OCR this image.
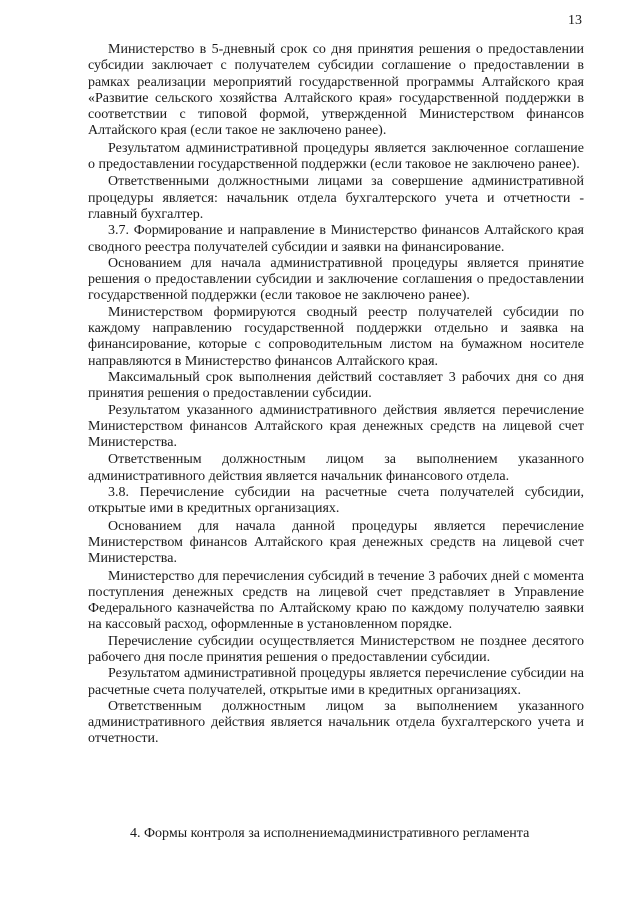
13

Министерство в 5-дневный срок со дня принятия решения о предоставлении субсидии заключает с получателем субсидии соглашение о предоставлении в рамках реализации мероприятий государственной программы Алтайского края «Развитие сельского хозяйства Алтайского края» государственной поддержки в соответствии с типовой формой, утвержденной Министерством финансов Алтайского края (если такое не заключено ранее).

Результатом административной процедуры является заключенное соглашение о предоставлении государственной поддержки (если таковое не заключено ранее).

Ответственными должностными лицами за совершение административной процедуры является: начальник отдела бухгалтерского учета и отчетности - главный бухгалтер.

3.7. Формирование и направление в Министерство финансов Алтайского края сводного реестра получателей субсидии и заявки на финансирование.

Основанием для начала административной процедуры является принятие решения о предоставлении субсидии и заключение соглашения о предоставлении государственной поддержки (если таковое не заключено ранее).

Министерством формируются сводный реестр получателей субсидии по каждому направлению государственной поддержки отдельно и заявка на финансирование, которые с сопроводительным листом на бумажном носителе направляются в Министерство финансов Алтайского края.

Максимальный срок выполнения действий составляет 3 рабочих дня со дня принятия решения о предоставлении субсидии.

Результатом указанного административного действия является перечисление Министерством финансов Алтайского края денежных средств на лицевой счет Министерства.

Ответственным должностным лицом за выполнением указанного административного действия является начальник финансового отдела.

3.8. Перечисление субсидии на расчетные счета получателей субсидии, открытые ими в кредитных организациях.

Основанием для начала данной процедуры является перечисление Министерством финансов Алтайского края денежных средств на лицевой счет Министерства.

Министерство для перечисления субсидий в течение 3 рабочих дней с момента поступления денежных средств на лицевой счет представляет в Управление Федерального казначейства по Алтайскому краю по каждому получателю заявки на кассовый расход, оформленные в установленном порядке.

Перечисление субсидии осуществляется Министерством не позднее десятого рабочего дня после принятия решения о предоставлении субсидии.

Результатом административной процедуры является перечисление субсидии на расчетные счета получателей, открытые ими в кредитных организациях.

Ответственным должностным лицом за выполнением указанного административного действия является начальник отдела бухгалтерского учета и отчетности.

4. Формы контроля за исполнениемадминистративного регламента
